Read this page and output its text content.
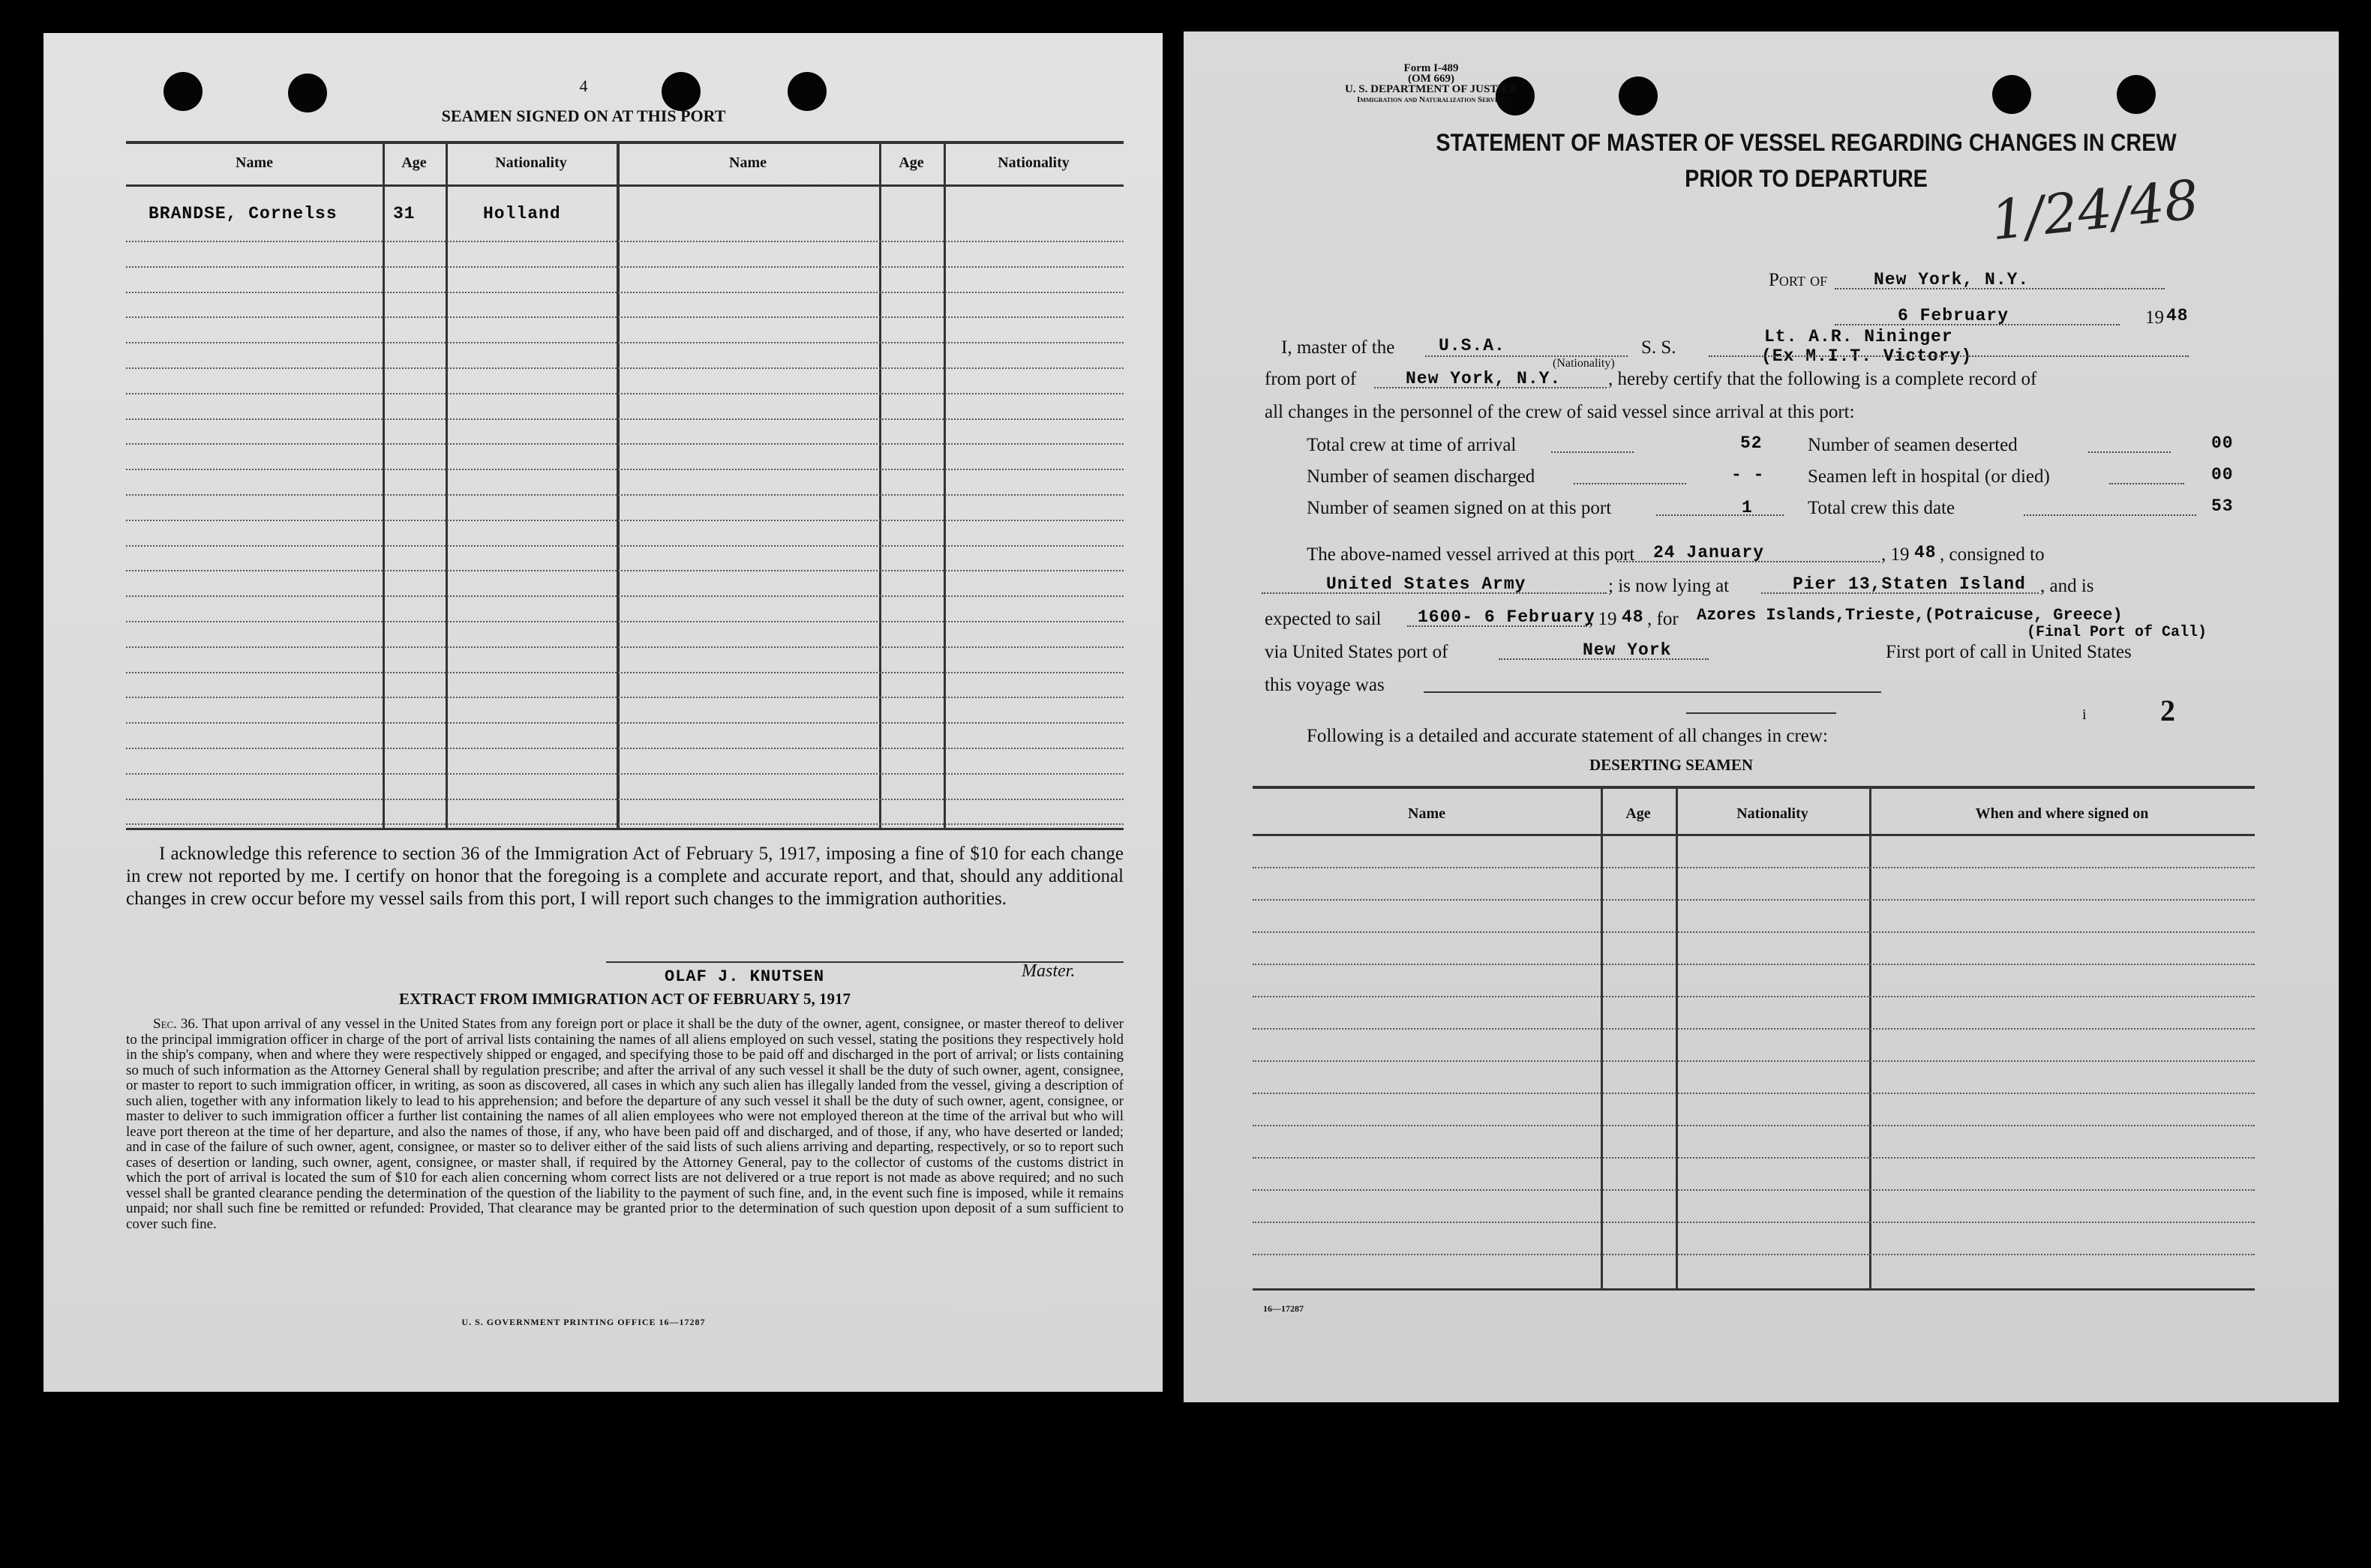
4
SEAMEN SIGNED ON AT THIS PORT
Name	Age	Nationality	Name	Age	Nationality
BRANDSE, Cornelss	31	Holland
I acknowledge this reference to section 36 of the Immigration Act of February 5, 1917, imposing a fine of $10 for each change in crew not reported by me. I certify on honor that the foregoing is a complete and accurate report, and that, should any additional changes in crew occur before my vessel sails from this port, I will report such changes to the immigration authorities.
OLAF J. KNUTSEN	Master.
EXTRACT FROM IMMIGRATION ACT OF FEBRUARY 5, 1917
Sec. 36. That upon arrival of any vessel in the United States from any foreign port or place it shall be the duty of the owner, agent, consignee, or master thereof to deliver to the principal immigration officer in charge of the port of arrival lists containing the names of all aliens employed on such vessel, stating the positions they respectively hold in the ship's company, when and where they were respectively shipped or engaged, and specifying those to be paid off and discharged in the port of arrival; or lists containing so much of such information as the Attorney General shall by regulation prescribe; and after the arrival of any such vessel it shall be the duty of such owner, agent, consignee, or master to report to such immigration officer, in writing, as soon as discovered, all cases in which any such alien has illegally landed from the vessel, giving a description of such alien, together with any information likely to lead to his apprehension; and before the departure of any such vessel it shall be the duty of such owner, agent, consignee, or master to deliver to such immigration officer a further list containing the names of all alien employees who were not employed thereon at the time of the arrival but who will leave port thereon at the time of her departure, and also the names of those, if any, who have been paid off and discharged, and of those, if any, who have deserted or landed; and in case of the failure of such owner, agent, consignee, or master so to deliver either of the said lists of such aliens arriving and departing, respectively, or so to report such cases of desertion or landing, such owner, agent, consignee, or master shall, if required by the Attorney General, pay to the collector of customs of the customs district in which the port of arrival is located the sum of $10 for each alien concerning whom correct lists are not delivered or a true report is not made as above required; and no such vessel shall be granted clearance pending the determination of the question of the liability to the payment of such fine, and, in the event such fine is imposed, while it remains unpaid; nor shall such fine be remitted or refunded: Provided, That clearance may be granted prior to the determination of such question upon deposit of a sum sufficient to cover such fine.
U. S. GOVERNMENT PRINTING OFFICE 16—17287
Form I-489
(OM 669)
U. S. DEPARTMENT OF JUSTICE
Immigration and Naturalization Service
STATEMENT OF MASTER OF VESSEL REGARDING CHANGES IN CREW
PRIOR TO DEPARTURE	1/24/48
Port of	New York, N.Y.
6 February	19 48
I, master of the	U.S.A.
(Nationality)
S. S.
Lt. A.R. Nininger
(Ex M.I.T. Victory)
from port of	New York, N.Y.	, hereby certify that the following is a complete record of
all changes in the personnel of the crew of said vessel since arrival at this port:
Total crew at time of arrival	52 Number of seamen deserted	00
Number of seamen discharged	- - Seamen left in hospital (or died)	00
Number of seamen signed on at this port	1	Total crew this date	53
The above-named vessel arrived at this port 24 January	, 19 48 , consigned to
United States Army	; is now lying at	Pier 13,Staten Island , and is
expected to sail 1600- 6 February
, 19 48 , for Azores Islands,Trieste,(Potraicuse, Greece)
(Final Port of Call)
via United States port of	New York	First port of call in United States
this voyage was
i 2
Following is a detailed and accurate statement of all changes in crew:
DESERTING SEAMEN
Name	Age	Nationality	When and where signed on
16—17287
